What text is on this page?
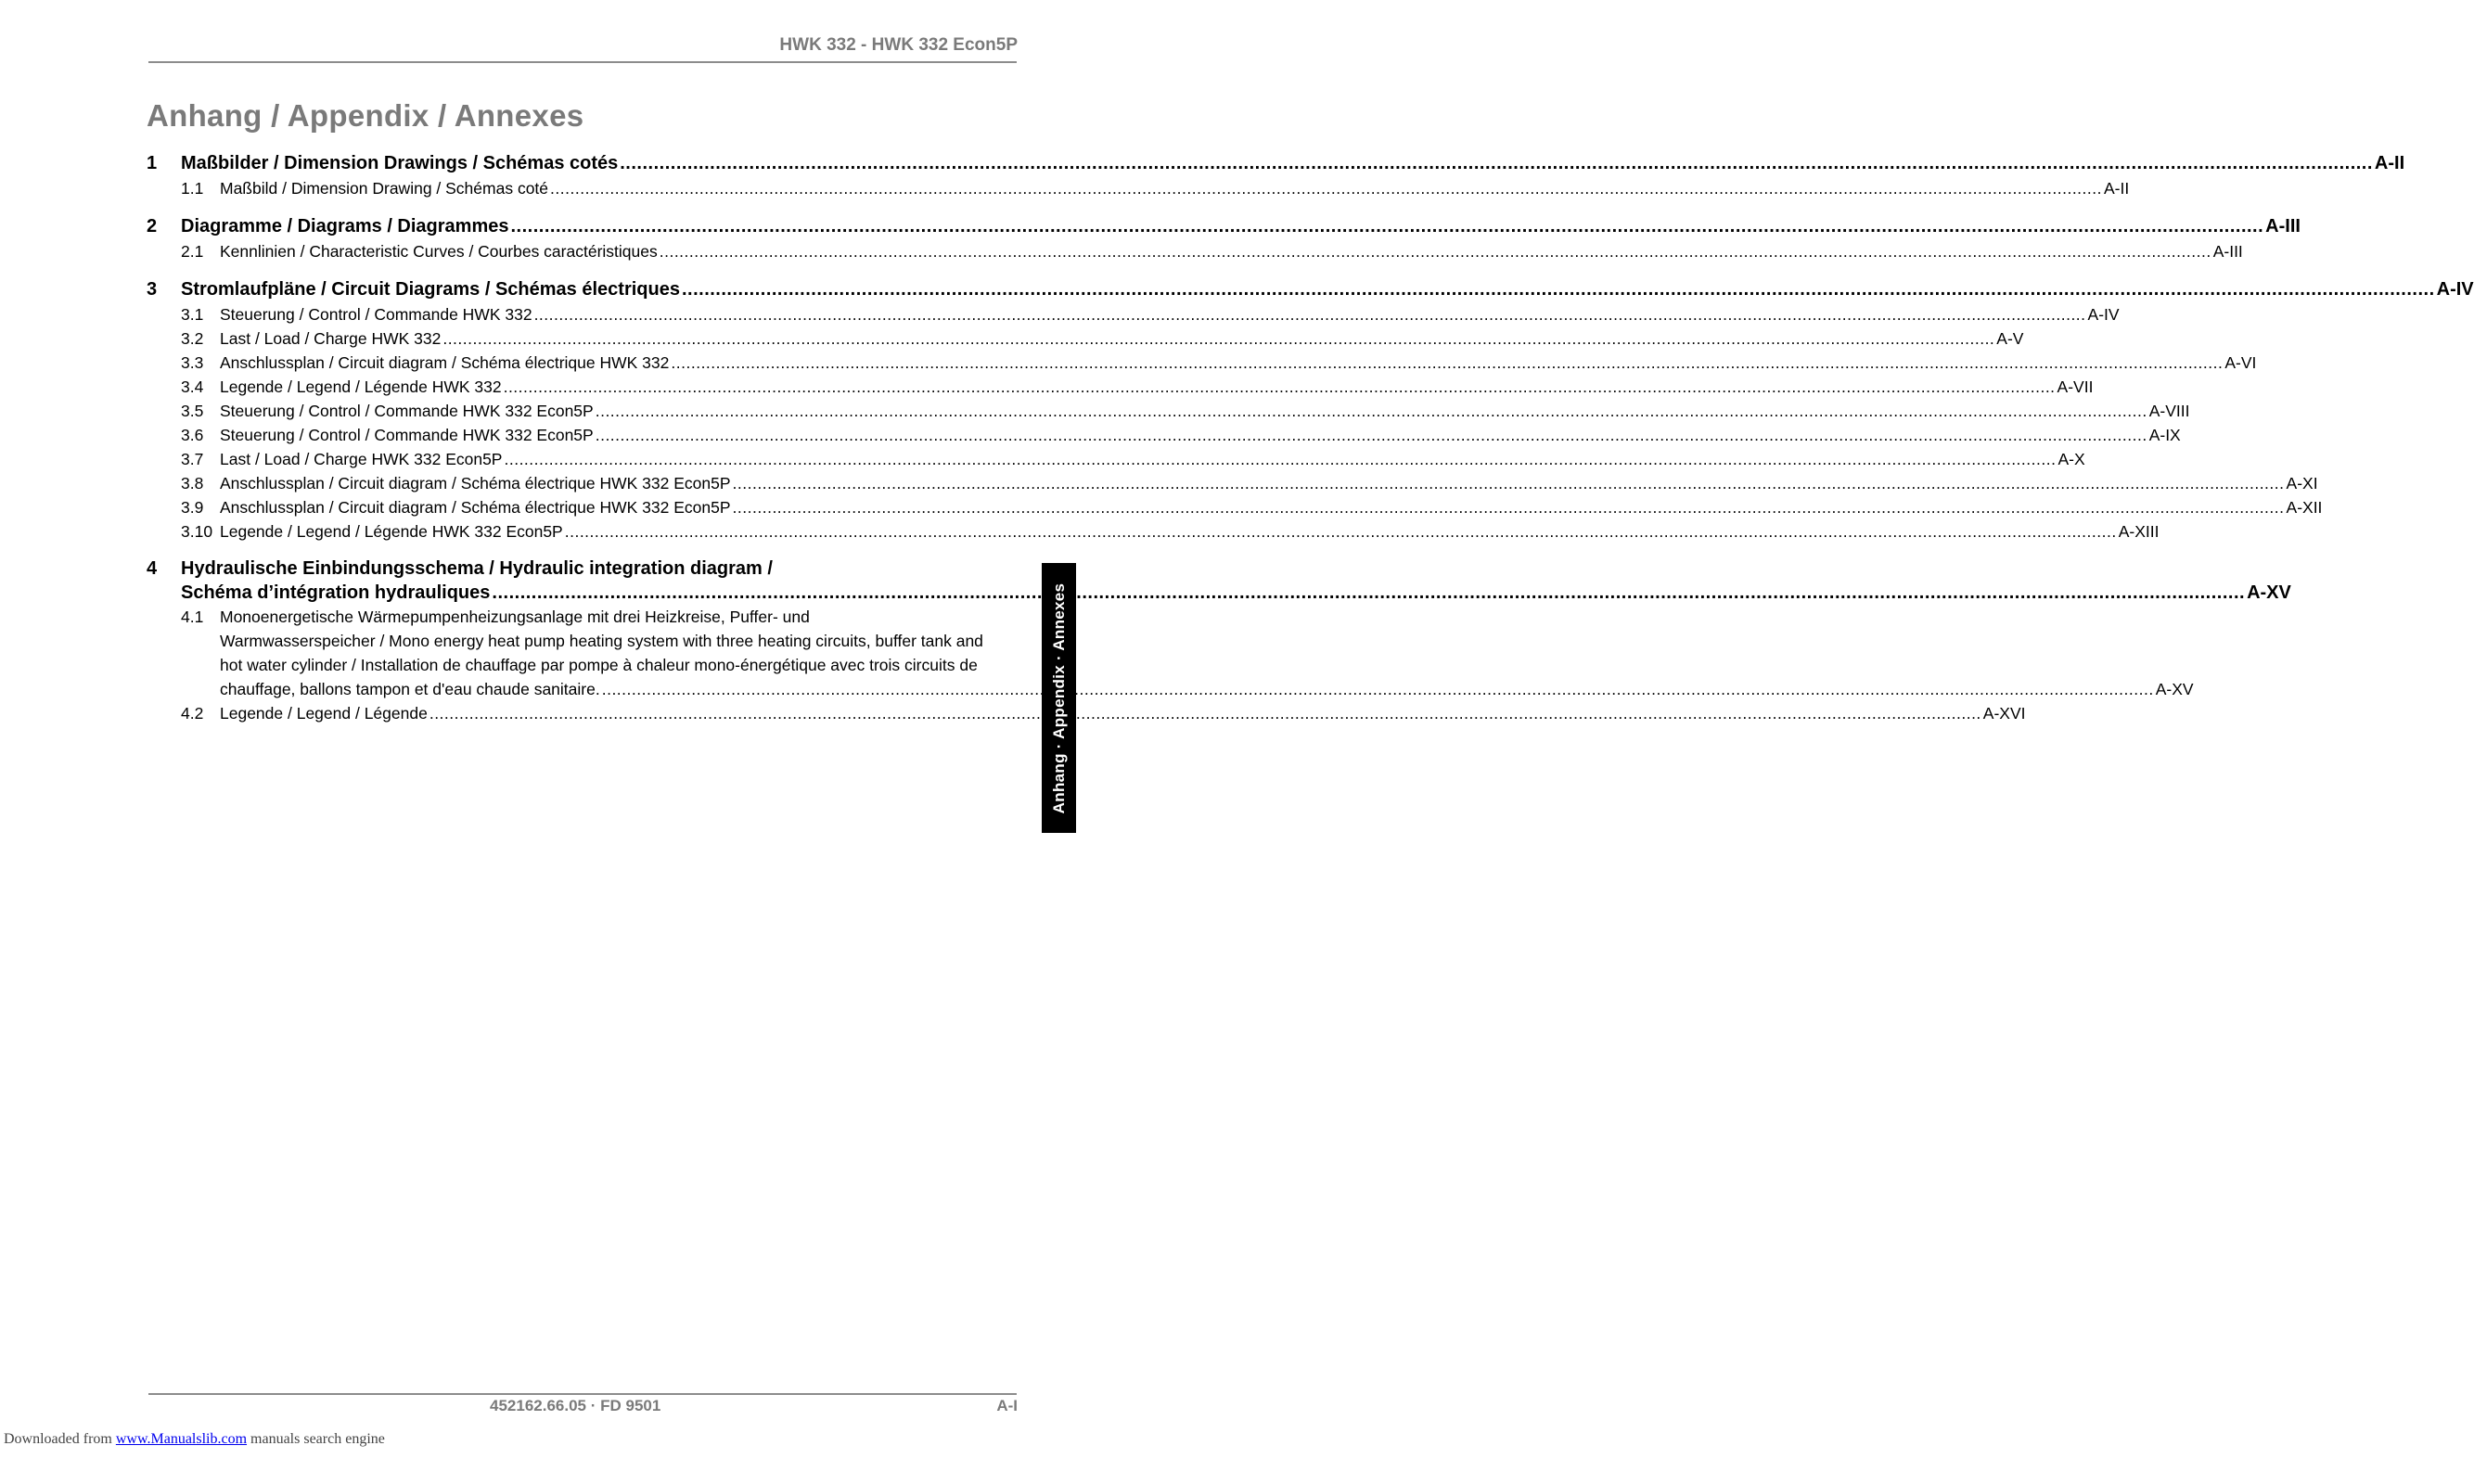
HWK 332 - HWK 332 Econ5P
Anhang / Appendix / Annexes
1	Maßbilder / Dimension Drawings / Schémas cotés .....	A-II
1.1	Maßbild / Dimension Drawing / Schémas coté .....	A-II
2	Diagramme / Diagrams / Diagrammes .....	A-III
2.1	Kennlinien / Characteristic Curves / Courbes caractéristiques .....	A-III
3	Stromlaufpläne / Circuit Diagrams / Schémas électriques .....	A-IV
3.1	Steuerung / Control / Commande HWK 332 .....	A-IV
3.2	Last / Load / Charge HWK 332 .....	A-V
3.3	Anschlussplan / Circuit diagram / Schéma électrique HWK 332 .....	A-VI
3.4	Legende / Legend / Légende HWK 332 .....	A-VII
3.5	Steuerung / Control / Commande HWK 332 Econ5P .....	A-VIII
3.6	Steuerung / Control / Commande HWK 332 Econ5P .....	A-IX
3.7	Last / Load / Charge HWK 332 Econ5P .....	A-X
3.8	Anschlussplan / Circuit diagram / Schéma électrique HWK 332 Econ5P .....	A-XI
3.9	Anschlussplan / Circuit diagram / Schéma électrique HWK 332 Econ5P .....	A-XII
3.10 Legende / Legend / Légende HWK 332 Econ5P .....	A-XIII
4	Hydraulische Einbindungsschema / Hydraulic integration diagram /
Schéma d’intégration hydrauliques .....	A-XV
4.1	Monoenergetische Wärmepumpenheizungsanlage mit drei Heizkreise, Puffer- und
Warmwasserspeicher / Mono energy heat pump heating system with three heating circuits, buffer tank and
hot water cylinder / Installation de chauffage par pompe à chaleur mono-énergétique avec trois circuits de
chauffage, ballons tampon et d'eau chaude sanitaire. .....	A-XV
4.2	Legende / Legend / Légende .....	A-XVI
Anhang · Appendix · Annexes
452162.66.05 · FD 9501	A-I
Downloaded from www.Manualslib.com manuals search engine
